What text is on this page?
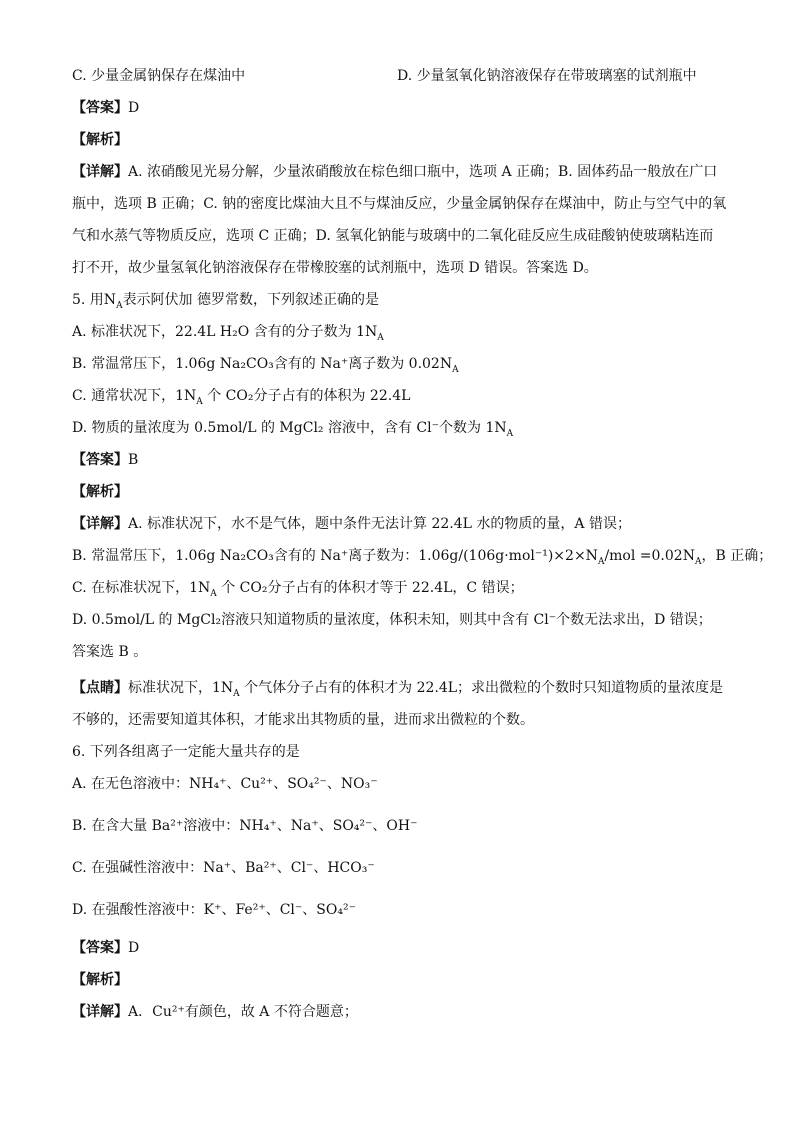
C. 少量金属钠保存在煤油中	D. 少量氢氧化钠溶液保存在带玻璃塞的试剂瓶中
【答案】D
【解析】
【详解】A. 浓硝酸见光易分解，少量浓硝酸放在棕色细口瓶中，选项 A 正确；B. 固体药品一般放在广口
瓶中，选项 B 正确；C. 钠的密度比煤油大且不与煤油反应，少量金属钠保存在煤油中，防止与空气中的氧
气和水蒸气等物质反应，选项 C 正确；D. 氢氧化钠能与玻璃中的二氧化硅反应生成硅酸钠使玻璃粘连而
打不开，故少量氢氧化钠溶液保存在带橡胶塞的试剂瓶中，选项 D 错误。答案选 D。
5. 用$N_A$表示阿伏加 德罗常数，下列叙述正确的是
A. 标准状况下，22.4L H₂O 含有的分子数为 $1N_A$
B. 常温常压下，1.06g Na₂CO₃含有的 Na⁺离子数为 $0.02N_A$
C. 通常状况下，$1N_A$ 个 CO₂分子占有的体积为 22.4L
D. 物质的量浓度为 0.5mol/L 的 MgCl₂ 溶液中，含有 Cl⁻个数为 $1N_A$
【答案】B
【解析】
【详解】A. 标准状况下，水不是气体，题中条件无法计算 22.4L 水的物质的量，A 错误；
B. 常温常压下，1.06g Na₂CO₃含有的 Na⁺离子数为：$1.06g/(106g\cdot mol^{-1})\times 2\times N_A$/mol $=0.02N_A$，B 正确；
C. 在标准状况下，$1N_A$ 个 CO₂分子占有的体积才等于 22.4L，C 错误；
D. 0.5mol/L 的 MgCl₂溶液只知道物质的量浓度，体积未知，则其中含有 Cl⁻个数无法求出，D 错误；
答案选 B 。
【点睛】标准状况下，$1N_A$ 个气体分子占有的体积才为 22.4L；求出微粒的个数时只知道物质的量浓度是
不够的，还需要知道其体积，才能求出其物质的量，进而求出微粒的个数。
6. 下列各组离子一定能大量共存的是
A. 在无色溶液中：NH₄⁺、Cu²⁺、SO₄²⁻、NO₃⁻
B. 在含大量 Ba²⁺溶液中：NH₄⁺、Na⁺、SO₄²⁻、OH⁻
C. 在强碱性溶液中：Na⁺、Ba²⁺、Cl⁻、HCO₃⁻
D. 在强酸性溶液中：K⁺、Fe²⁺、Cl⁻、SO₄²⁻
【答案】D
【解析】
【详解】A．Cu²⁺有颜色，故 A 不符合题意；
